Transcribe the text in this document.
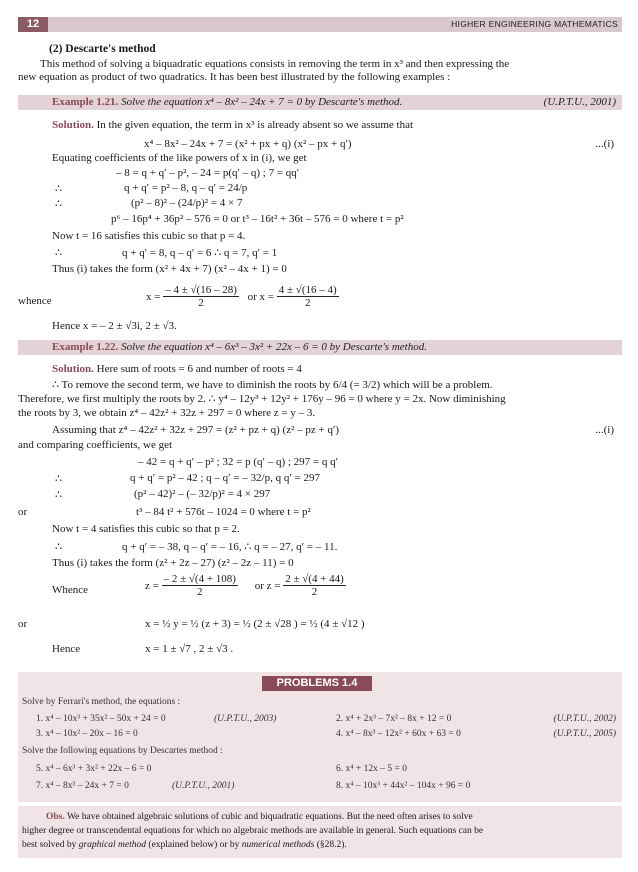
12	HIGHER ENGINEERING MATHEMATICS
(2) Descarte's method
This method of solving a biquadratic equations consists in removing the term in x³ and then expressing the
new equation as product of two quadratics. It has been best illustrated by the following examples :
Example 1.21. Solve the equation x⁴ – 8x² – 24x + 7 = 0 by Descarte's method.	(U.P.T.U., 2001)
Solution. In the given equation, the term in x³ is already absent so we assume that
x⁴ – 8x² – 24x + 7 = (x² + px + q) (x² – px + q′)	...(i)
Equating coefficients of the like powers of x in (i), we get
– 8 = q + q′ – p², – 24 = p(q′ – q) ; 7 = qq′
∴	q + q′ = p² – 8, q – q′ = 24/p
∴	(p² – 8)² – (24/p)² = 4 × 7
p⁶ – 16p⁴ + 36p² – 576 = 0 or t³ – 16t² + 36t – 576 = 0 where t = p²
Now t = 16 satisfies this cubic so that p = 4.
∴	q + q′ = 8, q – q′ = 6 ∴ q = 7, q′ = 1
Thus (i) takes the form (x² + 4x + 7) (x² – 4x + 1) = 0
whence	$x = \frac{- 4 \pm √(16 - 28)}{2}$ or $x = \frac{4 \pm √(16 - 4)}{2}$
Hence x = – 2 ± √3i, 2 ± √3.
Example 1.22. Solve the equation x⁴ – 6x³ – 3x² + 22x – 6 = 0 by Descarte's method.
Solution. Here sum of roots = 6 and number of roots = 4
∴ To remove the second term, we have to diminish the roots by 6/4 (= 3/2) which will be a problem.
Therefore, we first multiply the roots by 2. ∴ y⁴ – 12y³ + 12y² + 176y – 96 = 0 where y = 2x. Now diminishing
the roots by 3, we obtain z⁴ – 42z² + 32z + 297 = 0 where z = y – 3.
Assuming that z⁴ – 42z² + 32z + 297 = (z² + pz + q) (z² – pz + q′)	...(i)
and comparing coefficients, we get
– 42 = q + q′ – p² ; 32 = p (q′ – q) ; 297 = q q′
∴	q + q′ = p² – 42 ; q – q′ = – 32/p, q q′ = 297
∴	(p² – 42)² – (– 32/p)² = 4 × 297
or	t³ – 84 t² + 576t – 1024 = 0 where t = p²
Now t = 4 satisfies this cubic so that p = 2.
∴	q + q′ = – 38, q – q′ = – 16, ∴ q = – 27, q′ = – 11.
Thus (i) takes the form (z² + 2z – 27) (z² – 2z – 11) = 0
Whence	$z = \frac{- 2 \pm √(4 + 108)}{2}$ or $z = \frac{2 \pm √(4 + 44)}{2}$
or	x = ½ y = ½ (z + 3) = ½ (2 ± √28 ) = ½ (4 ± √12 )
Hence	x = 1 ± √7 , 2 ± √3 .
PROBLEMS 1.4
Solve by Ferrari's method, the equations :
1. x⁴ – 10x³ + 35x² – 50x + 24 = 0	(U.P.T.U., 2003)	2. x⁴ + 2x³ – 7x² – 8x + 12 = 0	(U.P.T.U., 2002)
3. x⁴ – 10x² – 20x – 16 = 0	4. x⁴ – 8x³ – 12x² + 60x + 63 = 0	(U.P.T.U., 2005)
Solve the following equations by Descartes method :
5. x⁴ – 6x³ + 3x² + 22x – 6 = 0	6. x⁴ + 12x – 5 = 0
7. x⁴ – 8x³ – 24x + 7 = 0	(U.P.T.U., 2001)	8. x⁴ – 10x³ + 44x² – 104x + 96 = 0
Obs. We have obtained algebraic solutions of cubic and biquadratic equations. But the need often arises to solve
higher degree or transcendental equations for which no algebraic methods are available in general. Such equations can be
best solved by graphical method (explained below) or by numerical methods (§28.2).
